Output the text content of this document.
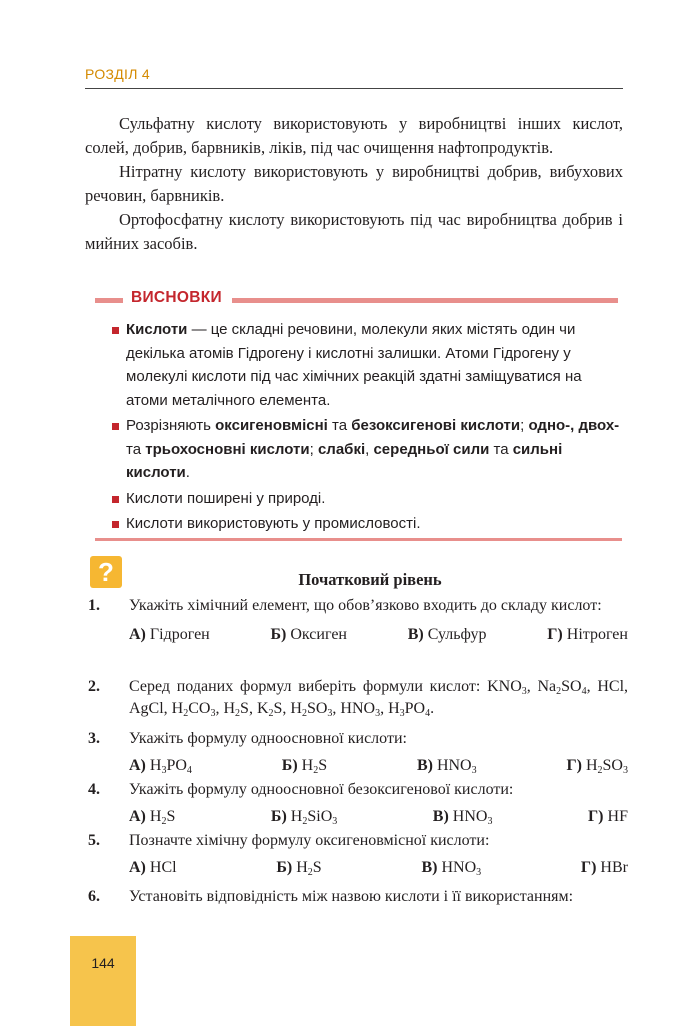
РОЗДІЛ 4

Сульфатну кислоту використовують у виробництві інших кислот, солей, добрив, барвників, ліків, під час очищення нафтопродуктів.

Нітратну кислоту використовують у виробництві добрив, вибухових речовин, барвників.

Ортофосфатну кислоту використовують під час виробництва добрив і мийних засобів.

ВИСНОВКИ
Кислоти — це складні речовини, молекули яких містять один чи декілька атомів Гідрогену і кислотні залишки. Атоми Гідрогену у молекулі кислоти під час хімічних реакцій здатні заміщуватися на атоми металічного елемента.
Розрізняють оксигеновмісні та безоксигенові кислоти; одно-, двох- та трьохосновні кислоти; слабкі, середньої сили та сильні кислоти.
Кислоти поширені у природі.
Кислоти використовують у промисловості.
?	Початковий рівень
1. Укажіть хімічний елемент, що обов’язково входить до складу кислот:
А) Гідроген	Б) Оксиген	В) Сульфур	Г) Нітроген
2. Серед поданих формул виберіть формули кислот: $KNO_3$, $Na_2SO_4$, HCl, AgCl, $H_2CO_3$, $H_2S$, $K_2S$, $H_2SO_3$, $HNO_3$, $H_3PO_4$.
3. Укажіть формулу одноосновної кислоти:
А) $H_3PO_4$	Б) $H_2S$	В) $HNO_3$	Г) $H_2SO_3$
4. Укажіть формулу одноосновної безоксигенової кислоти:
А) $H_2S$	Б) $H_2SiO_3$	В) $HNO_3$	Г) HF
5. Позначте хімічну формулу оксигеновмісної кислоти:
А) HCl	Б) $H_2S$	В) $HNO_3$	Г) HBr
6. Установіть відповідність між назвою кислоти і її використанням:
144
